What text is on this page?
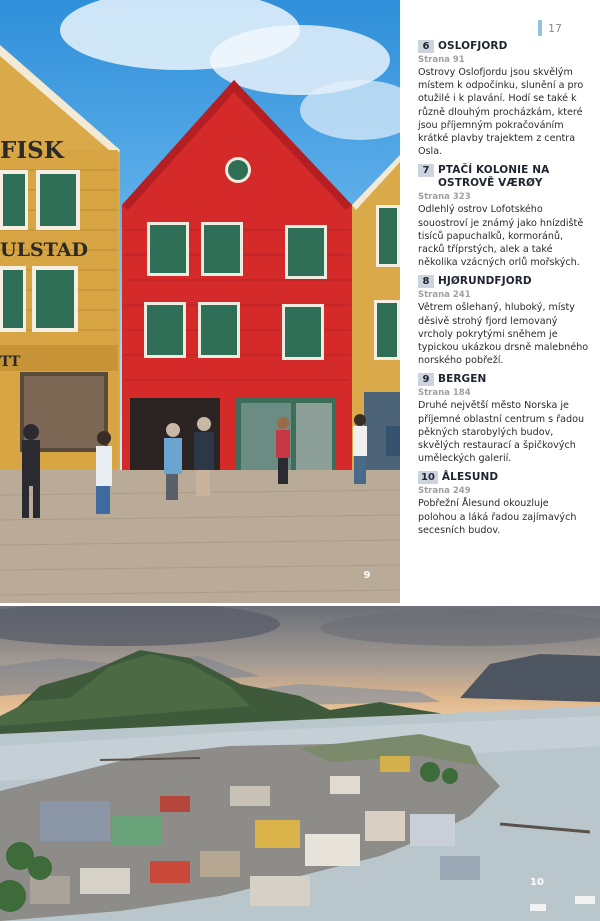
FISK
ULSTAD
TT
9
17
6 OSLOFJORD
Strana 91
Ostrovy Oslofjordu jsou skvělým místem k odpočinku, slunění a pro otužilé i k plavání. Hodí se také k různě dlouhým procházkám, které jsou příjemným pokračováním krátké plavby trajektem z centra Osla.
7 PTAČÍ KOLONIE NA OSTROVĚ VÆRØY
Strana 323
Odlehlý ostrov Lofotského souostroví je známý jako hnízdiště tisíců papuchalků, kormoránů, racků tříprstých, alek a také několika vzácných orlů mořských.
8 HJØRUNDFJORD
Strana 241
Větrem ošlehaný, hluboký, místy děsivě strohý fjord lemovaný vrcholy pokrytými sněhem je typickou ukázkou drsně malebného norského pobřeží.
9 BERGEN
Strana 184
Druhé největší město Norska je příjemné oblastní centrum s řadou pěkných starobylých budov, skvělých restaurací a špičkových uměleckých galerií.
10 ÅLESUND
Strana 249
Pobřežní Ålesund okouzluje polohou a láká řadou zajímavých secesních budov.
10
